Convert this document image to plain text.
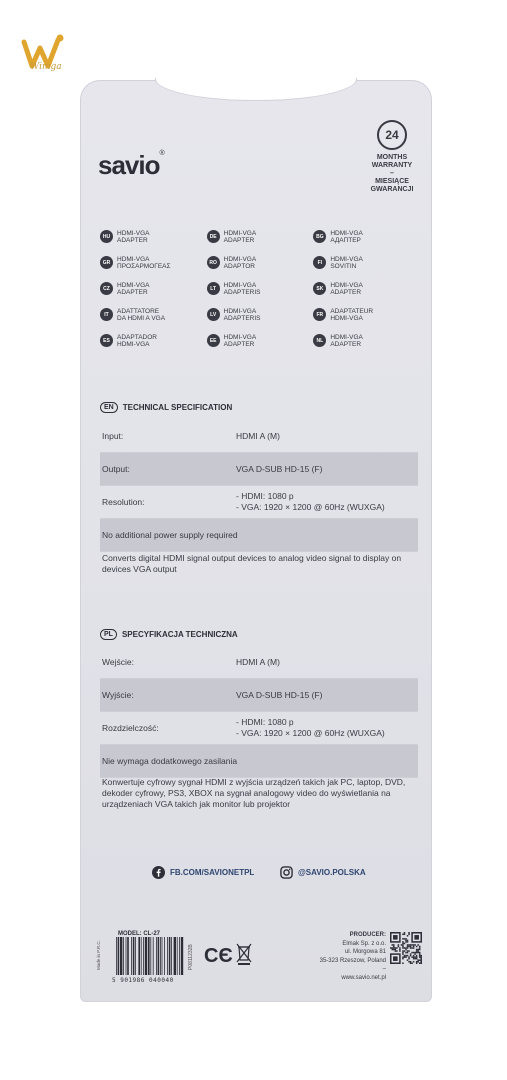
Wimga
savio®
24
MONTHS
WARRANTY
–
MIESIĄCE
GWARANCJI
HU	HDMI-VGA
ADAPTER
DE	HDMI-VGA
ADAPTER
BG	HDMI-VGA
АДАПТЕР
GR	HDMI-VGA
ΠΡΟΣΑΡΜΟΓΕΑΣ
RO	HDMI-VGA
ADAPTOR
FI	HDMI-VGA
SOVITIN
CZ	HDMI-VGA
ADAPTER
LT	HDMI-VGA
ADAPTERIS
SK	HDMI-VGA
ADAPTER
IT	ADATTATORE
DA HDMI A VGA
LV	HDMI-VGA
ADAPTERIS
FR	ADAPTATEUR
HDMI-VGA
ES	ADAPTADOR
HDMI-VGA
EE	HDMI-VGA
ADAPTER
NL	HDMI-VGA
ADAPTER
EN	TECHNICAL SPECIFICATION
Input:	HDMI A (M)
Output:	VGA D-SUB HD-15 (F)
Resolution:
- HDMI: 1080 p
- VGA: 1920 × 1200 @ 60Hz (WUXGA)
No additional power supply required
Converts digital HDMI signal output devices to analog video signal to display on devices VGA output
PL	SPECYFIKACJA TECHNICZNA
Wejście:	HDMI A (M)
Wyjście:	VGA D-SUB HD-15 (F)
Rozdzielczość:
- HDMI: 1080 p
- VGA: 1920 × 1200 @ 60Hz (WUXGA)
Nie wymaga dodatkowego zasilania
Konwertuje cyfrowy sygnał HDMI z wyjścia urządzeń takich jak PC, laptop, DVD, dekoder cyfrowy, PS3, XBOX na sygnał analogowy video do wyświetlania na urządzeniach VGA takich jak monitor lub projektor
FB.COM/SAVIONETPL	@SAVIO.POLSKA
MODEL: CL-27
5 901986 040040
Made in P.R.C.	P0811232B C Є
PRODUCER:
Elmak Sp. z o.o.
ul. Morgowa 81
35-323 Rzeszow, Poland
–
www.savio.net.pl
